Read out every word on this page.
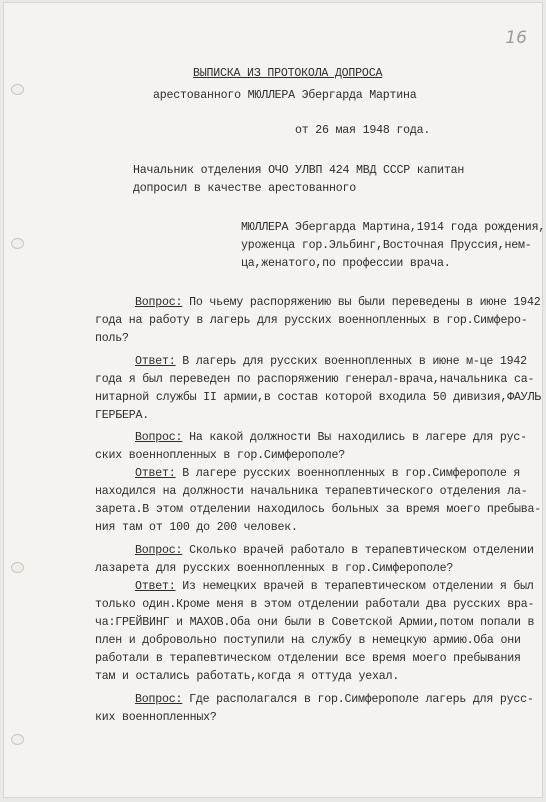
16
ВЫПИСКА ИЗ ПРОТОКОЛА ДОПРОСА
арестованного МЮЛЛЕРА Эбергарда Мартина
от 26 мая 1948 года.
Начальник отделения ОЧО УЛВП 424 МВД СССР капитан
допросил в качестве арестованного
МЮЛЛЕРА Эбергарда Мартина,1914 года рождения,
уроженца гор.Эльбинг,Восточная Пруссия,нем-
ца,женатого,по профессии врача.
Вопрос: По чьему распоряжению вы были переведены в июне 1942
года на работу в лагерь для русских военнопленных в гор.Симферо-
поль?
Ответ: В лагерь для русских военнопленных в июне м-це 1942
года я был переведен по распоряжению генерал-врача,начальника са-
нитарной службы II армии,в состав которой входила 50 дивизия,ФАУЛЬ
ГЕРБЕРА.
Вопрос: На какой должности Вы находились в лагере для рус-
ских военнопленных в гор.Симферополе?
Ответ: В лагере русских военнопленных в гор.Симферополе я
находился на должности начальника терапевтического отделения ла-
зарета.В этом отделении находилось больных за время моего пребыва-
ния там от 100 до 200 человек.
Вопрос: Сколько врачей работало в терапевтическом отделении
лазарета для русских военнопленных в гор.Симферополе?
Ответ: Из немецких врачей в терапевтическом отделении я был
только один.Кроме меня в этом отделении работали два русских вра-
ча:ГРЕЙВИНГ и МАХОВ.Оба они были в Советской Армии,потом попали в
плен и добровольно поступили на службу в немецкую армию.Оба они
работали в терапевтическом отделении все время моего пребывания
там и остались работать,когда я оттуда уехал.
Вопрос: Где располагался в гор.Симферополе лагерь для русс-
ких военнопленных?
